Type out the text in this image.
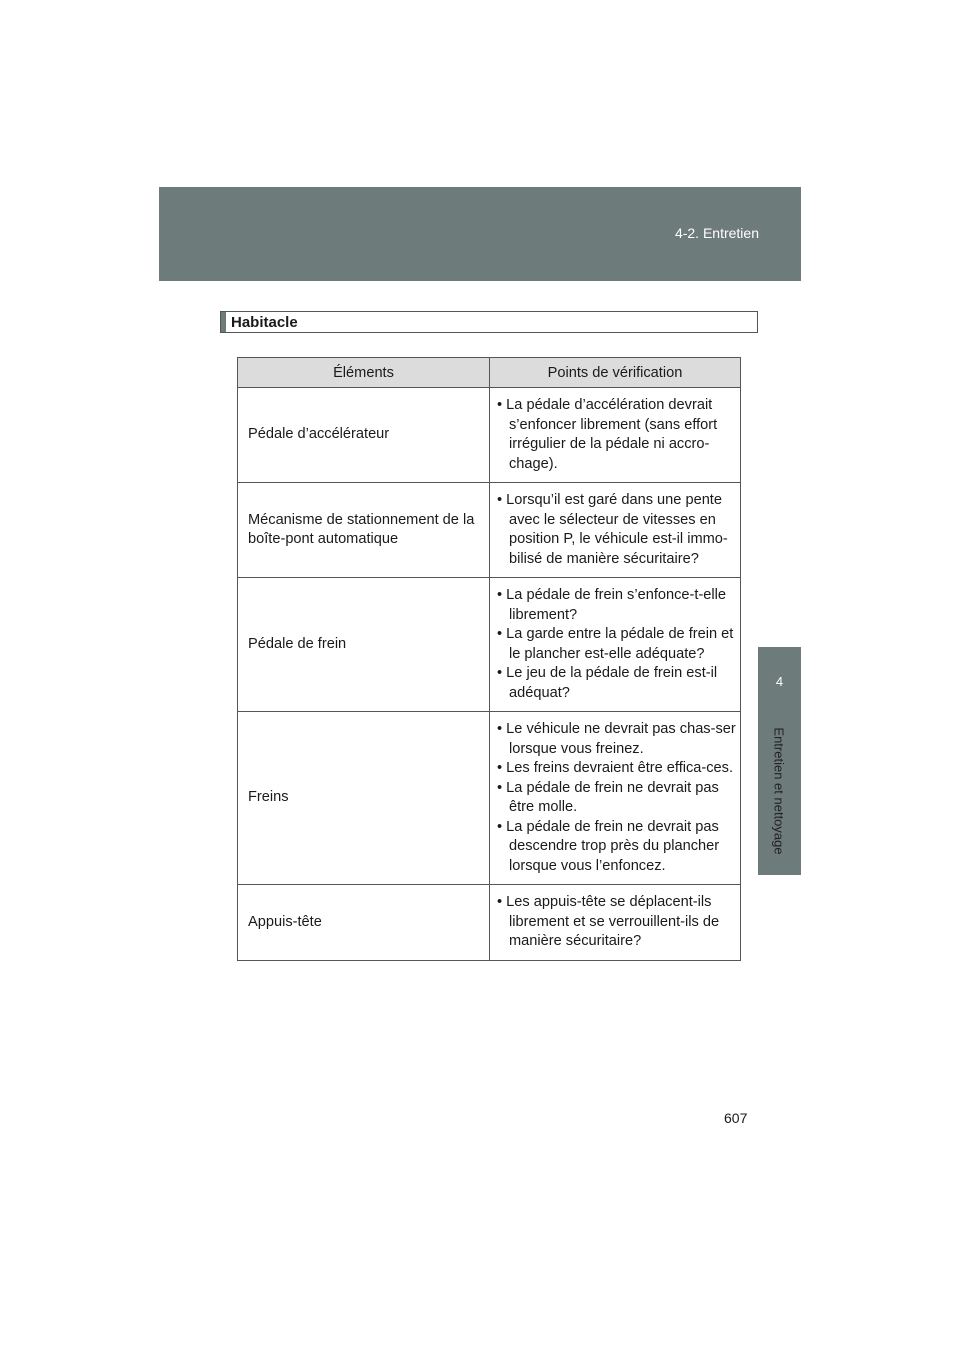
4-2. Entretien
4
Entretien et nettoyage
Habitacle
Éléments	Points de vérification
Pédale d’accélérateur	• La pédale d’accélération devrait s’enfoncer librement (sans effort irrégulier de la pédale ni accro-chage).

Mécanisme de stationnement de la boîte-pont automatique	• Lorsqu’il est garé dans une pente avec le sélecteur de vitesses en position P, le véhicule est-il immo-bilisé de manière sécuritaire?

Pédale de frein	• La pédale de frein s’enfonce-t-elle librement?
• La garde entre la pédale de frein et le plancher est-elle adéquate?
• Le jeu de la pédale de frein est-il adéquat?

Freins	• Le véhicule ne devrait pas chas-ser lorsque vous freinez.
• Les freins devraient être effica-ces.
• La pédale de frein ne devrait pas être molle.
• La pédale de frein ne devrait pas descendre trop près du plancher lorsque vous l’enfoncez.

Appuis-tête	• Les appuis-tête se déplacent-ils librement et se verrouillent-ils de manière sécuritaire?
607
